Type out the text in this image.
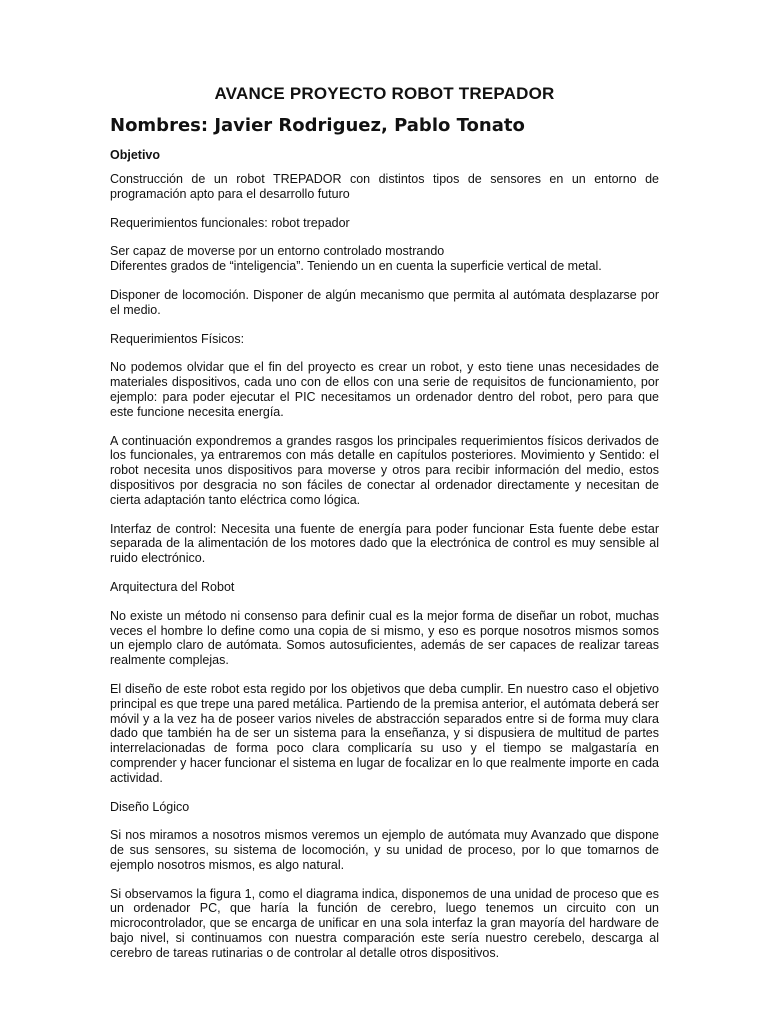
AVANCE PROYECTO ROBOT TREPADOR
Nombres: Javier Rodriguez, Pablo Tonato
Objetivo

Construcción de un robot TREPADOR con distintos tipos de sensores en un entorno de programación apto para el desarrollo futuro

Requerimientos funcionales: robot trepador

Ser capaz de moverse por un entorno controlado mostrando
Diferentes grados de “inteligencia”. Teniendo un en cuenta la superficie vertical de metal.

Disponer de locomoción. Disponer de algún mecanismo que permita al autómata desplazarse por el medio.

Requerimientos Físicos:

No podemos olvidar que el fin del proyecto es crear un robot, y esto tiene unas necesidades de materiales dispositivos, cada uno con de ellos con una serie de requisitos de funcionamiento, por ejemplo: para poder ejecutar el PIC necesitamos un ordenador dentro del robot, pero para que este funcione necesita energía.

A continuación expondremos a grandes rasgos los principales requerimientos físicos derivados de los funcionales, ya entraremos con más detalle en capítulos posteriores. Movimiento y Sentido: el robot necesita unos dispositivos para moverse y otros para recibir información del medio, estos dispositivos por desgracia no son fáciles de conectar al ordenador directamente y necesitan de cierta adaptación tanto eléctrica como lógica.

Interfaz de control: Necesita una fuente de energía para poder funcionar Esta fuente debe estar separada de la alimentación de los motores dado que la electrónica de control es muy sensible al ruido electrónico.

Arquitectura del Robot

No existe un método ni consenso para definir cual es la mejor forma de diseñar un robot, muchas veces el hombre lo define como una copia de si mismo, y eso es porque nosotros mismos somos un ejemplo claro de autómata. Somos autosuficientes, además de ser capaces de realizar tareas realmente complejas.

El diseño de este robot esta regido por los objetivos que deba cumplir. En nuestro caso el objetivo principal es que trepe una pared metálica. Partiendo de la premisa anterior, el autómata deberá ser móvil y a la vez ha de poseer varios niveles de abstracción separados entre si de forma muy clara dado que también ha de ser un sistema para la enseñanza, y si dispusiera de multitud de partes interrelacionadas de forma poco clara complicaría su uso y el tiempo se malgastaría en comprender y hacer funcionar el sistema en lugar de focalizar en lo que realmente importe en cada actividad.

Diseño Lógico

Si nos miramos a nosotros mismos veremos un ejemplo de autómata muy Avanzado que dispone de sus sensores, su sistema de locomoción, y su unidad de proceso, por lo que tomarnos de ejemplo nosotros mismos, es algo natural.

Si observamos la figura 1, como el diagrama indica, disponemos de una unidad de proceso que es un ordenador PC, que haría la función de cerebro, luego tenemos un circuito con un microcontrolador, que se encarga de unificar en una sola interfaz la gran mayoría del hardware de bajo nivel, si continuamos con nuestra comparación este sería nuestro cerebelo, descarga al cerebro de tareas rutinarias o de controlar al detalle otros dispositivos.
